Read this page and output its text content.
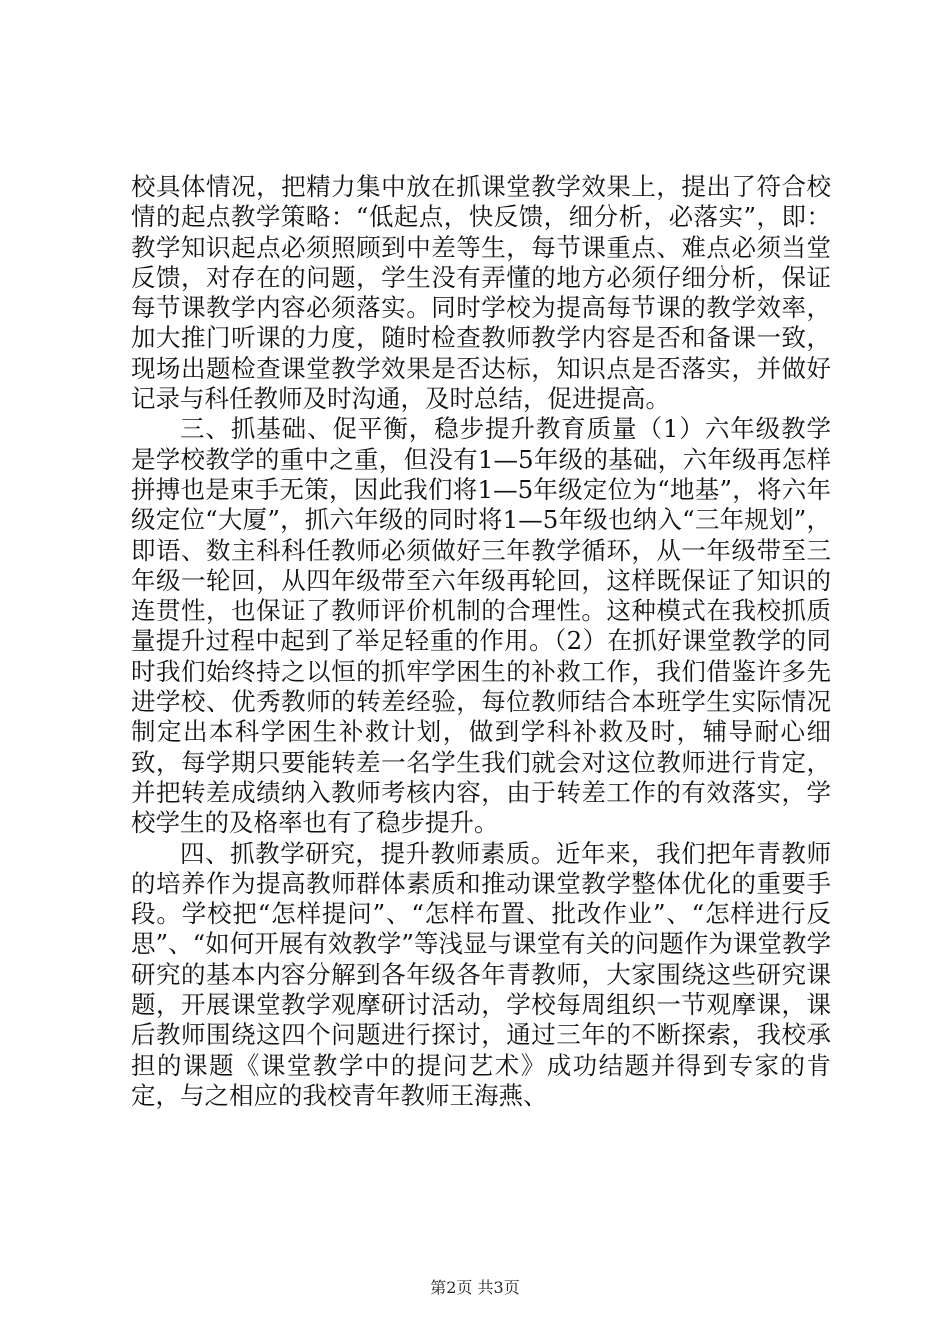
校具体情况，把精力集中放在抓课堂教学效果上，提出了符合校情的起点教学策略：“低起点，快反馈，细分析，必落实”，即：教学知识起点必须照顾到中差等生，每节课重点、难点必须当堂反馈，对存在的问题，学生没有弄懂的地方必须仔细分析，保证每节课教学内容必须落实。同时学校为提高每节课的教学效率，加大推门听课的力度，随时检查教师教学内容是否和备课一致，现场出题检查课堂教学效果是否达标，知识点是否落实，并做好记录与科任教师及时沟通，及时总结，促进提高。

三、抓基础、促平衡，稳步提升教育质量（1）六年级教学是学校教学的重中之重，但没有1—5年级的基础，六年级再怎样拼搏也是束手无策，因此我们将1—5年级定位为“地基”，将六年级定位“大厦”，抓六年级的同时将1—5年级也纳入“三年规划”，即语、数主科科任教师必须做好三年教学循环，从一年级带至三年级一轮回，从四年级带至六年级再轮回，这样既保证了知识的连贯性，也保证了教师评价机制的合理性。这种模式在我校抓质量提升过程中起到了举足轻重的作用。（2）在抓好课堂教学的同时我们始终持之以恒的抓牢学困生的补救工作，我们借鉴许多先进学校、优秀教师的转差经验，每位教师结合本班学生实际情况制定出本科学困生补救计划，做到学科补救及时，辅导耐心细致，每学期只要能转差一名学生我们就会对这位教师进行肯定，并把转差成绩纳入教师考核内容，由于转差工作的有效落实，学校学生的及格率也有了稳步提升。

四、抓教学研究，提升教师素质。近年来，我们把年青教师的培养作为提高教师群体素质和推动课堂教学整体优化的重要手段。学校把“怎样提问”、“怎样布置、批改作业”、“怎样进行反思”、“如何开展有效教学”等浅显与课堂有关的问题作为课堂教学研究的基本内容分解到各年级各年青教师，大家围绕这些研究课题，开展课堂教学观摩研讨活动，学校每周组织一节观摩课，课后教师围绕这四个问题进行探讨，通过三年的不断探索，我校承担的课题《课堂教学中的提问艺术》成功结题并得到专家的肯定，与之相应的我校青年教师王海燕、

第2页 共3页
